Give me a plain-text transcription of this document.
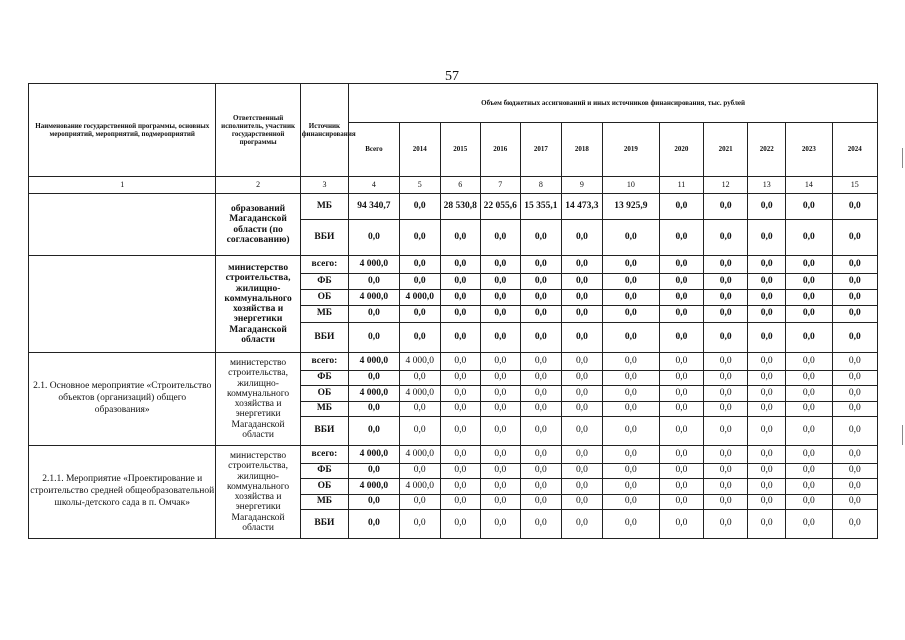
57
Наименование государственной программы, основных мероприятий, мероприятий, подмероприятий	Ответственный исполнитель, участник государственной программы	Источник финансирования	Объем бюджетных ассигнований и иных источников финансирования, тыс. рублей											
			Всего	2014	2015	2016	2017	2018	2019	2020	2021	2022	2023	2024
1	2	3	4	5	6	7	8	9	10	11	12	13	14	15
	образований Магаданской области (по согласованию)	МБ	94 340,7	0,0	28 530,8	22 055,6	15 355,1	14 473,3	13 925,9	0,0	0,0	0,0	0,0	0,0
		ВБИ	0,0	0,0	0,0	0,0	0,0	0,0	0,0	0,0	0,0	0,0	0,0	0,0
	министерство строительства, жилищно-коммунального хозяйства и энергетики Магаданской области	всего:	4 000,0	0,0	0,0	0,0	0,0	0,0	0,0	0,0	0,0	0,0	0,0	0,0
		ФБ	0,0	0,0	0,0	0,0	0,0	0,0	0,0	0,0	0,0	0,0	0,0	0,0
		ОБ	4 000,0	4 000,0	0,0	0,0	0,0	0,0	0,0	0,0	0,0	0,0	0,0	0,0
		МБ	0,0	0,0	0,0	0,0	0,0	0,0	0,0	0,0	0,0	0,0	0,0	0,0
		ВБИ	0,0	0,0	0,0	0,0	0,0	0,0	0,0	0,0	0,0	0,0	0,0	0,0
2.1. Основное мероприятие «Строительство объектов (организаций) общего образования»	министерство строительства, жилищно-коммунального хозяйства и энергетики Магаданской области	всего:	4 000,0	4 000,0	0,0	0,0	0,0	0,0	0,0	0,0	0,0	0,0	0,0	0,0
		ФБ	0,0	0,0	0,0	0,0	0,0	0,0	0,0	0,0	0,0	0,0	0,0	0,0
		ОБ	4 000,0	4 000,0	0,0	0,0	0,0	0,0	0,0	0,0	0,0	0,0	0,0	0,0
		МБ	0,0	0,0	0,0	0,0	0,0	0,0	0,0	0,0	0,0	0,0	0,0	0,0
		ВБИ	0,0	0,0	0,0	0,0	0,0	0,0	0,0	0,0	0,0	0,0	0,0	0,0
2.1.1. Мероприятие «Проектирование и строительство средней общеобразовательной школы-детского сада в п. Омчак»	министерство строительства, жилищно-коммунального хозяйства и энергетики Магаданской области	всего:	4 000,0	4 000,0	0,0	0,0	0,0	0,0	0,0	0,0	0,0	0,0	0,0	0,0
		ФБ	0,0	0,0	0,0	0,0	0,0	0,0	0,0	0,0	0,0	0,0	0,0	0,0
		ОБ	4 000,0	4 000,0	0,0	0,0	0,0	0,0	0,0	0,0	0,0	0,0	0,0	0,0
		МБ	0,0	0,0	0,0	0,0	0,0	0,0	0,0	0,0	0,0	0,0	0,0	0,0
		ВБИ	0,0	0,0	0,0	0,0	0,0	0,0	0,0	0,0	0,0	0,0	0,0	0,0
